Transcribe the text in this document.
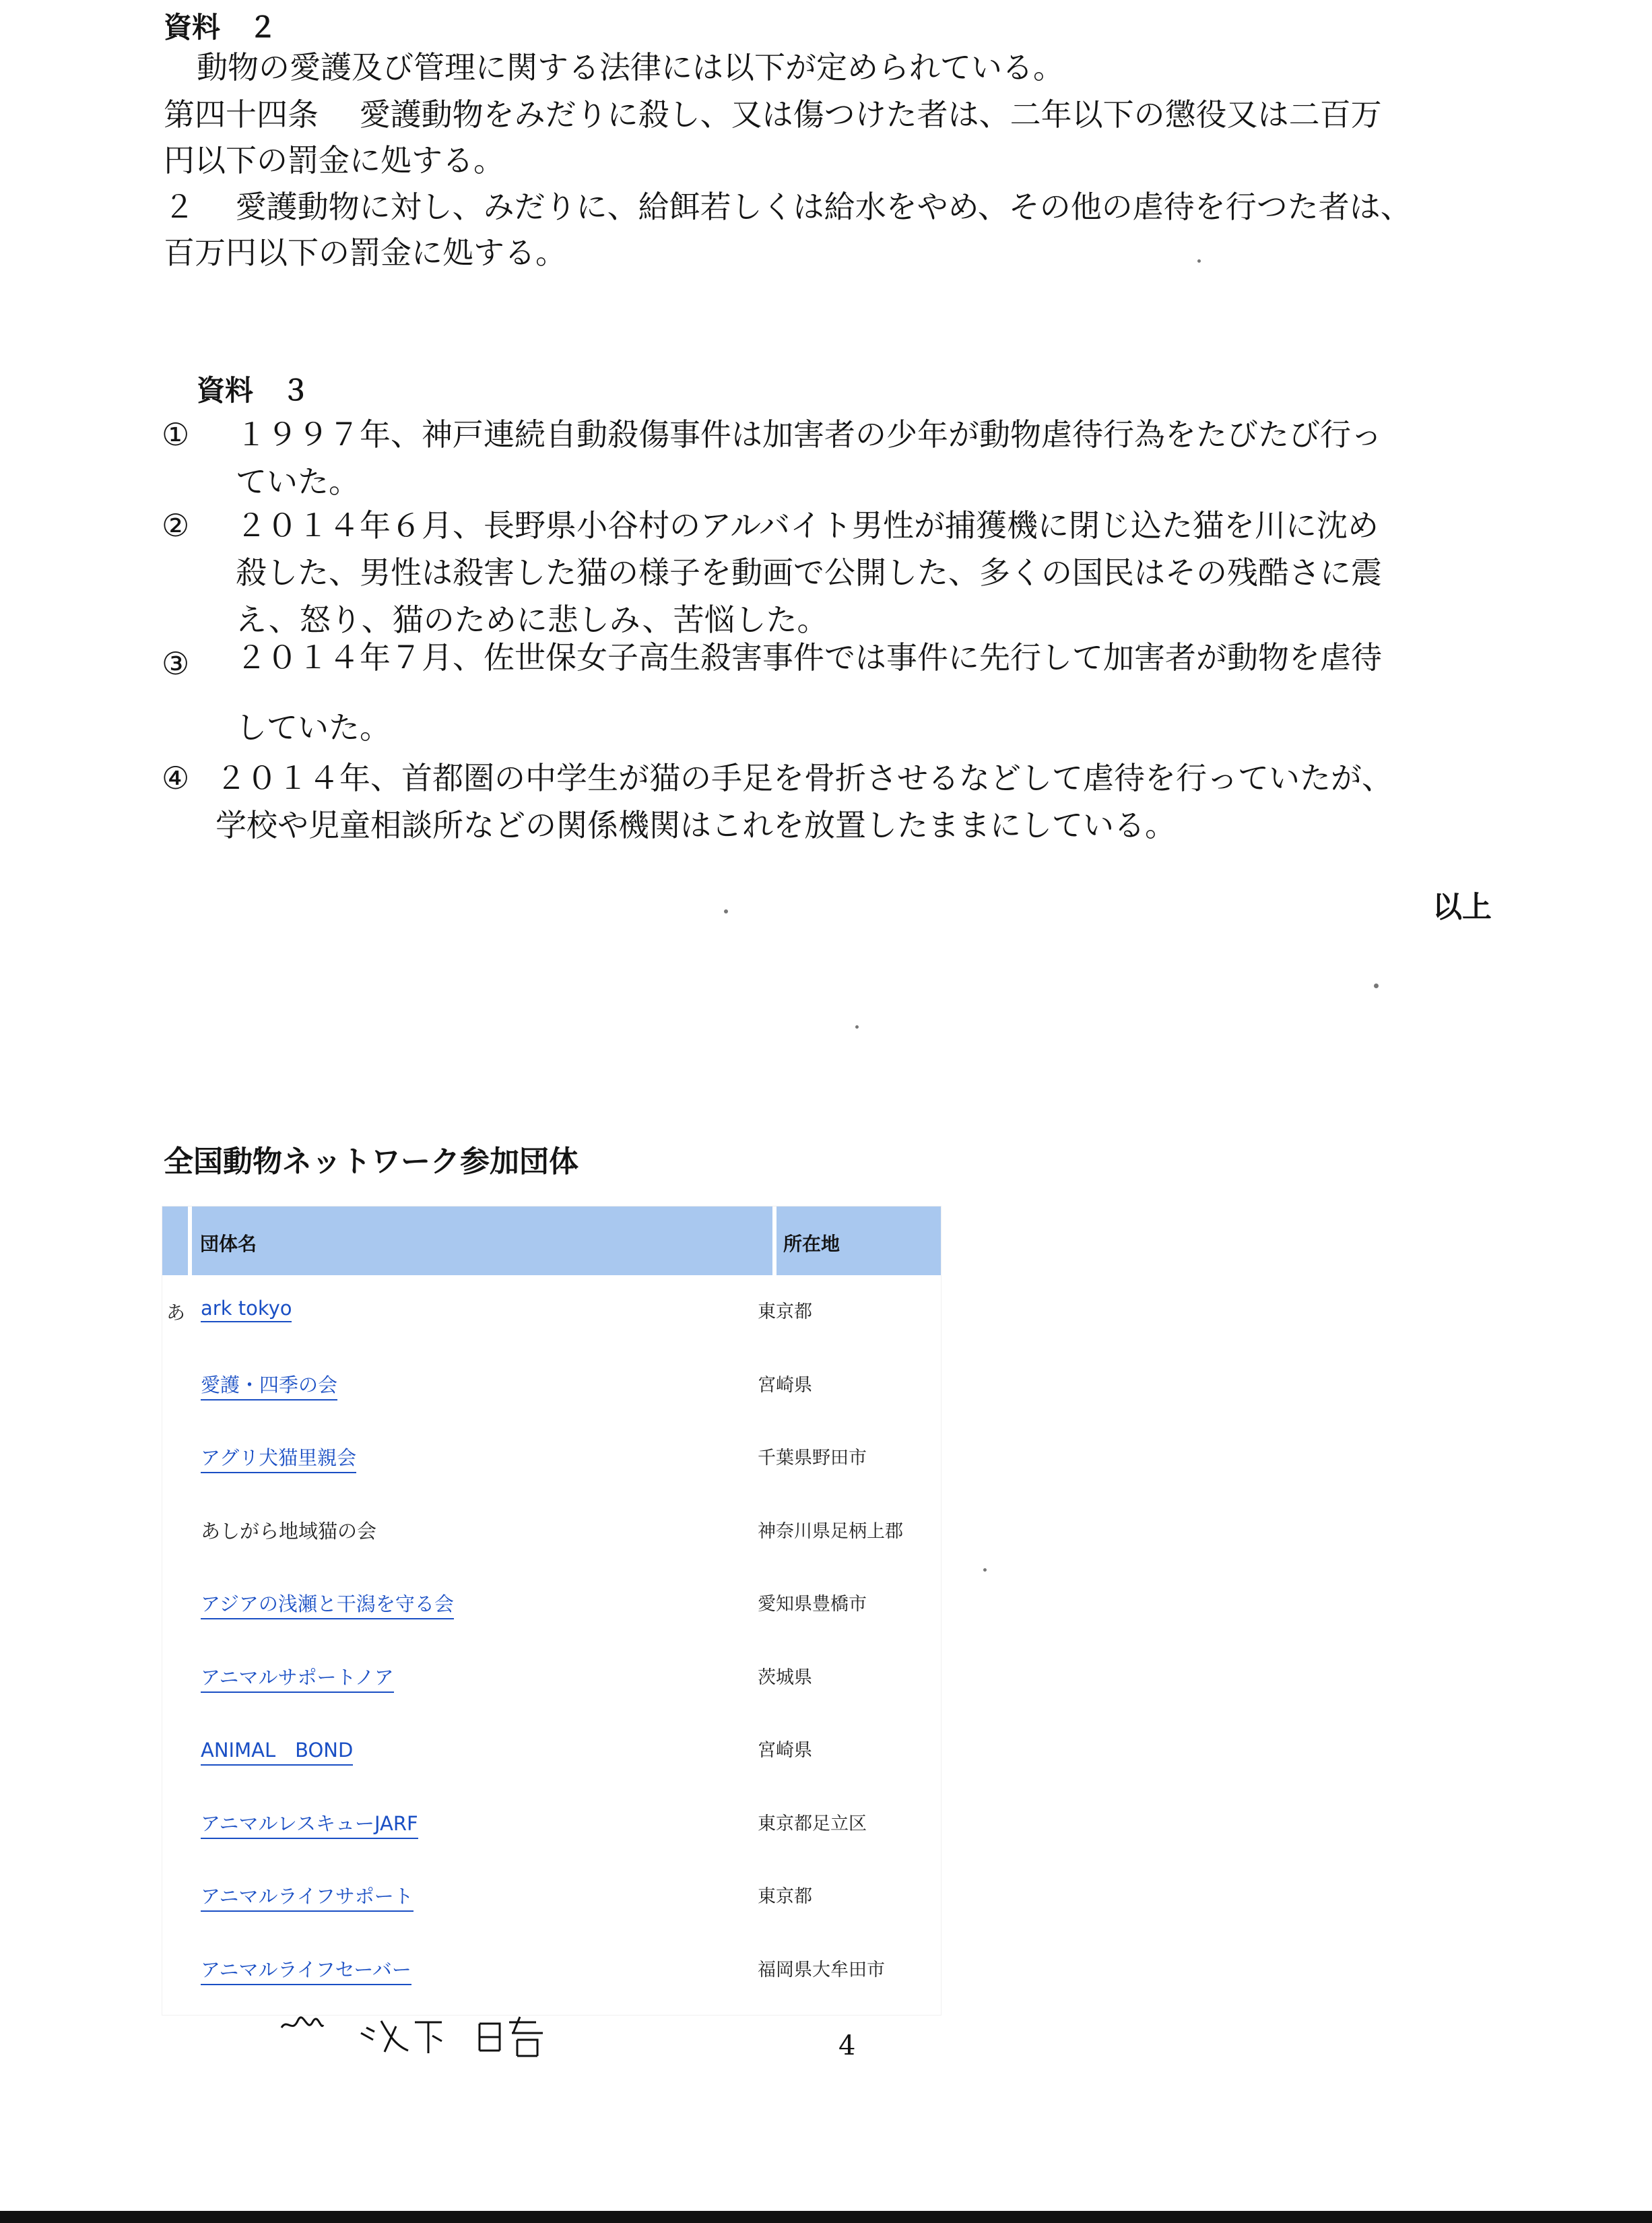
資料　２

動物の愛護及び管理に関する法律には以下が定められている。

第四十四条　 愛護動物をみだりに殺し、又は傷つけた者は、二年以下の懲役又は二百万

円以下の罰金に処する。

２　 愛護動物に対し、みだりに、給餌若しくは給水をやめ、その他の虐待を行つた者は、

百万円以下の罰金に処する。

資料　３
① １９９７年、神戸連続自動殺傷事件は加害者の少年が動物虐待行為をたびたび行っ
ていた。
② ２０１４年６月、長野県小谷村のアルバイト男性が捕獲機に閉じ込た猫を川に沈め
殺した、男性は殺害した猫の様子を動画で公開した、多くの国民はその残酷さに震
え、怒り、猫のために悲しみ、苦悩した。
③ ２０１４年７月、佐世保女子高生殺害事件では事件に先行して加害者が動物を虐待

していた。
④ ２０１４年、首都圏の中学生が猫の手足を骨折させるなどして虐待を行っていたが、
学校や児童相談所などの関係機関はこれを放置したままにしている。
以上
全国動物ネットワーク参加団体
団体名	所在地
あ ark tokyo	東京都
愛護・四季の会	宮崎県
アグリ犬猫里親会	千葉県野田市
あしがら地域猫の会	神奈川県足柄上郡
アジアの浅瀬と干潟を守る会	愛知県豊橋市
アニマルサポートノア	茨城県
ANIMAL　BOND	宮崎県
アニマルレスキューJARF	東京都足立区
アニマルライフサポート	東京都
アニマルライフセーバー	福岡県大牟田市
4
